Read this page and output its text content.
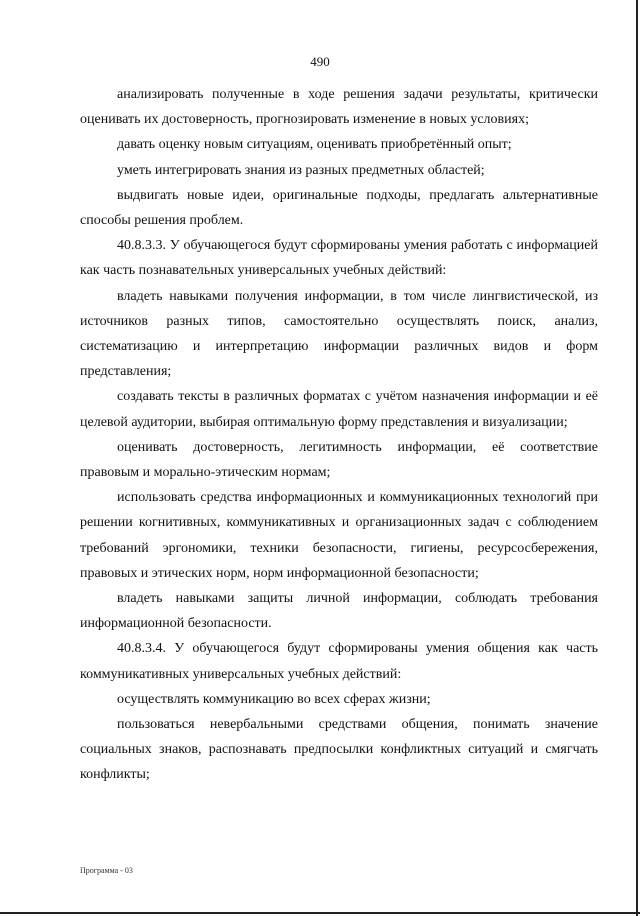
490

анализировать полученные в ходе решения задачи результаты, критически оценивать их достоверность, прогнозировать изменение в новых условиях;

давать оценку новым ситуациям, оценивать приобретённый опыт;

уметь интегрировать знания из разных предметных областей;

выдвигать новые идеи, оригинальные подходы, предлагать альтернативные способы решения проблем.

40.8.3.3. У обучающегося будут сформированы умения работать с информацией как часть познавательных универсальных учебных действий:

владеть навыками получения информации, в том числе лингвистической, из источников разных типов, самостоятельно осуществлять поиск, анализ, систематизацию и интерпретацию информации различных видов и форм представления;

создавать тексты в различных форматах с учётом назначения информации и её целевой аудитории, выбирая оптимальную форму представления и визуализации;

оценивать достоверность, легитимность информации, её соответствие правовым и морально-этическим нормам;

использовать средства информационных и коммуникационных технологий при решении когнитивных, коммуникативных и организационных задач с соблюдением требований эргономики, техники безопасности, гигиены, ресурсосбережения, правовых и этических норм, норм информационной безопасности;

владеть навыками защиты личной информации, соблюдать требования информационной безопасности.

40.8.3.4. У обучающегося будут сформированы умения общения как часть коммуникативных универсальных учебных действий:

осуществлять коммуникацию во всех сферах жизни;

пользоваться невербальными средствами общения, понимать значение социальных знаков, распознавать предпосылки конфликтных ситуаций и смягчать конфликты;

Программа - 03
